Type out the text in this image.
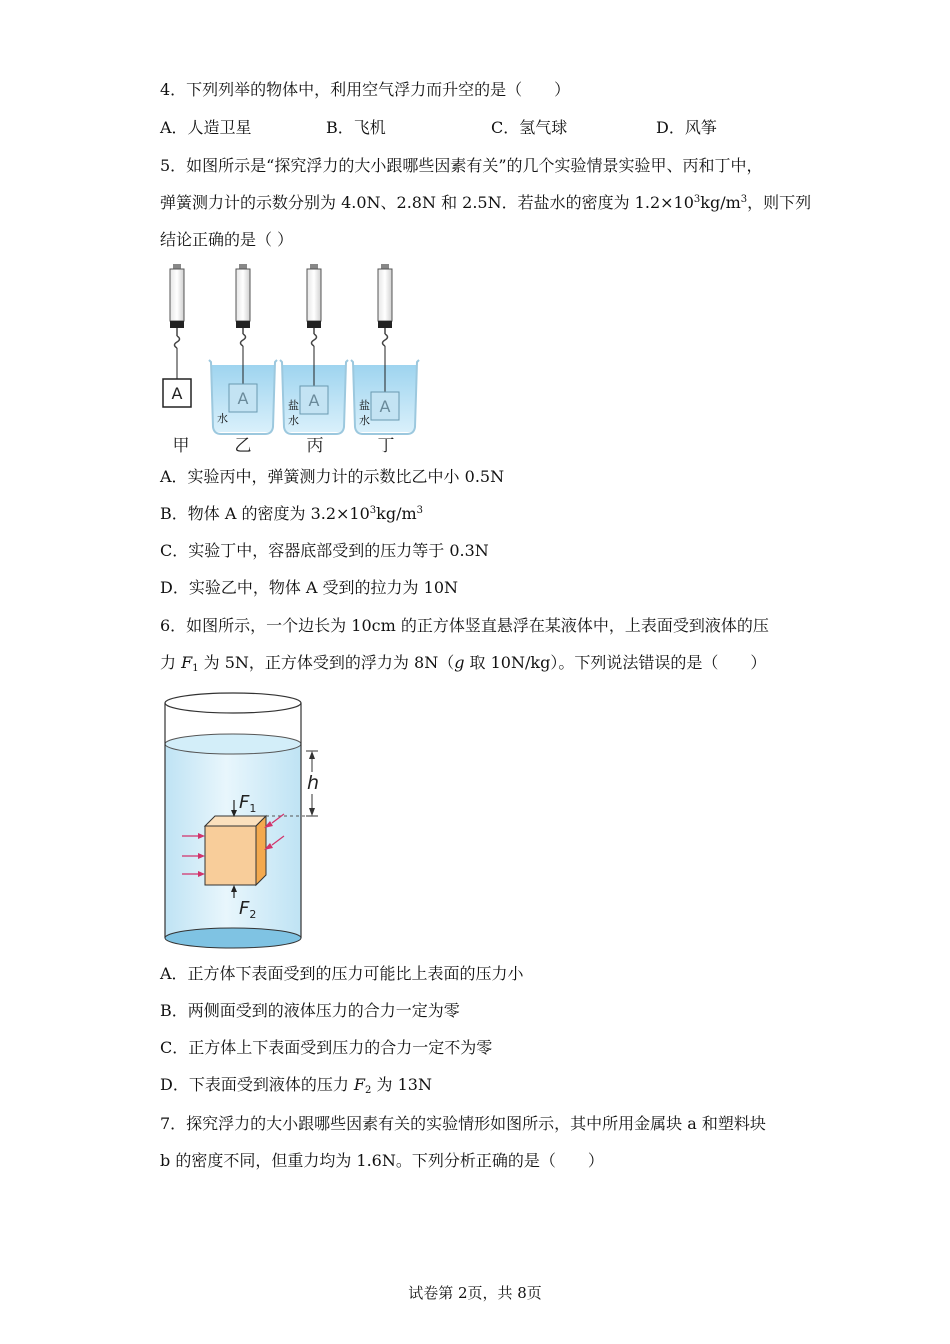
4．下列列举的物体中，利用空气浮力而升空的是（　　）
A．人造卫星	B．飞机	C．氢气球	D．风筝
5．如图所示是“探究浮力的大小跟哪些因素有关”的几个实验情景实验甲、丙和丁中，
弹簧测力计的示数分别为 4.0N、2.8N 和 2.5N．若盐水的密度为 $1.2\times 10^3kg/m^3$，则下列
结论正确的是（ ）
A	A
水
A
盐
水
A
盐
水
甲	乙	丙	丁
A．实验丙中，弹簧测力计的示数比乙中小 0.5N
B．物体 A 的密度为 $3.2\times 10^3kg/m^3$
C．实验丁中，容器底部受到的压力等于 0.3N
D．实验乙中，物体 A 受到的拉力为 10N
6．如图所示，一个边长为 10cm 的正方体竖直悬浮在某液体中，上表面受到液体的压
力 $F_1$ 为 5N，正方体受到的浮力为 8N（g 取 10N/kg）。下列说法错误的是（　　）
h
$F_1$
$F_2$
A．正方体下表面受到的压力可能比上表面的压力小
B．两侧面受到的液体压力的合力一定为零
C．正方体上下表面受到压力的合力一定不为零
D．下表面受到液体的压力 $F_2$ 为 13N
7．探究浮力的大小跟哪些因素有关的实验情形如图所示，其中所用金属块 a 和塑料块
b 的密度不同，但重力均为 1.6N。下列分析正确的是（　　）
试卷第 2页，共 8页
